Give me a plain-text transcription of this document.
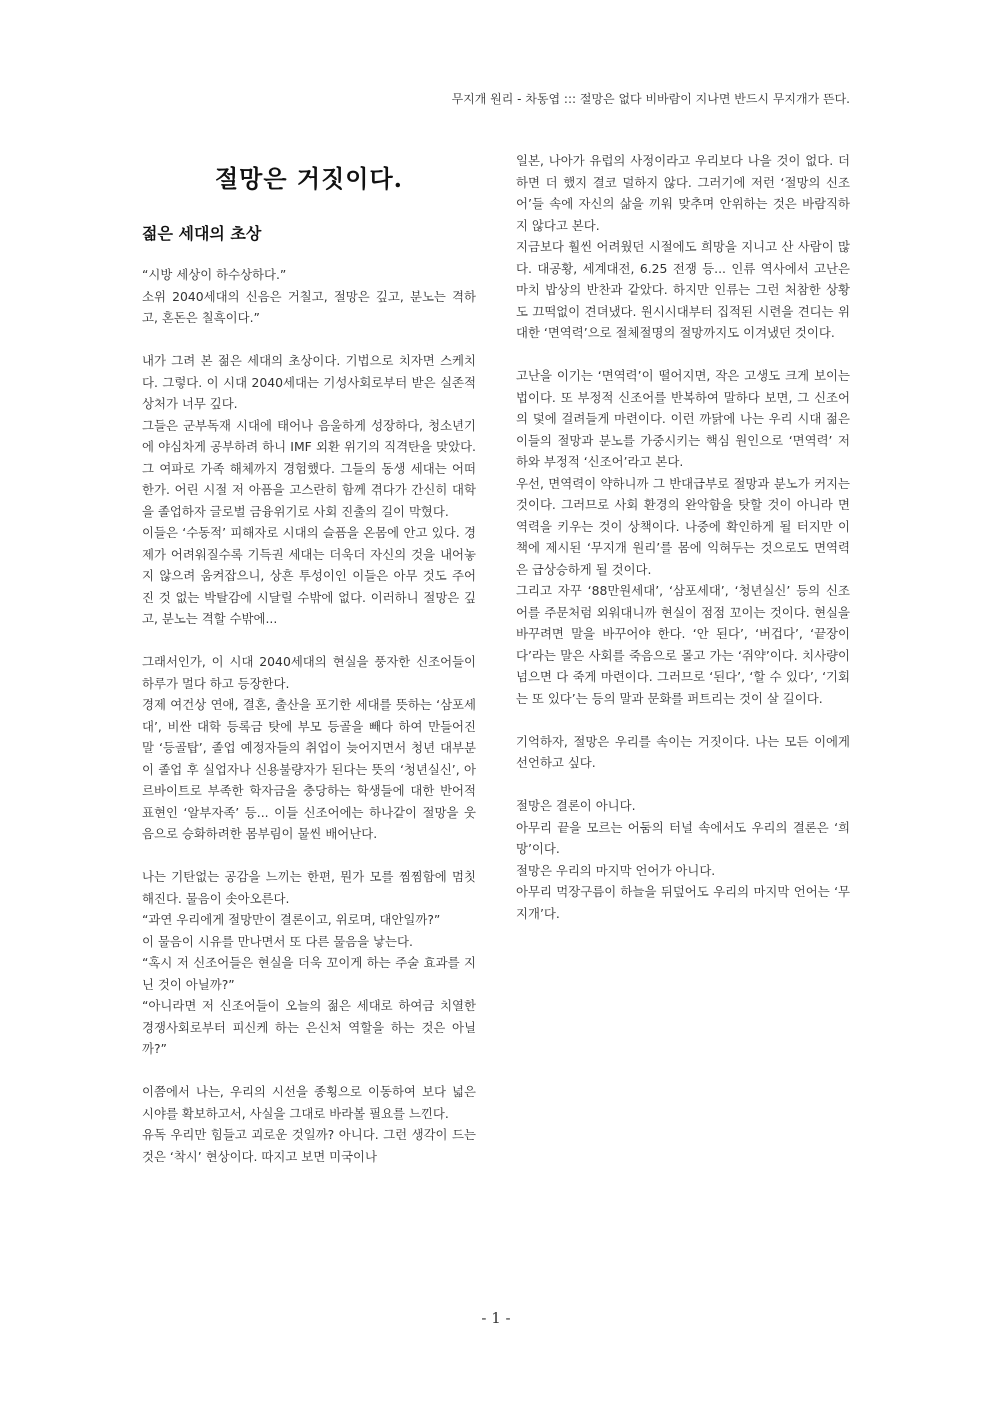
무지개 원리 - 차동엽 ::: 절망은 없다 비바람이 지나면 반드시 무지개가 뜬다.
절망은 거짓이다.
젊은 세대의 초상

“시방 세상이 하수상하다.”

소위 2040세대의 신음은 거칠고, 절망은 깊고, 분노는 격하고, 혼돈은 칠흑이다.”

내가 그려 본 젊은 세대의 초상이다. 기법으로 치자면 스케치다. 그렇다. 이 시대 2040세대는 기성사회로부터 받은 실존적 상처가 너무 깊다.

그들은 군부독재 시대에 태어나 음울하게 성장하다, 청소년기에 야심차게 공부하려 하니 IMF 외환 위기의 직격탄을 맞았다. 그 여파로 가족 해체까지 경험했다. 그들의 동생 세대는 어떠한가. 어린 시절 저 아픔을 고스란히 함께 겪다가 간신히 대학을 졸업하자 글로벌 금융위기로 사회 진출의 길이 막혔다.

이들은 ‘수동적’ 피해자로 시대의 슬픔을 온몸에 안고 있다. 경제가 어려워질수록 기득권 세대는 더욱더 자신의 것을 내어놓지 않으려 움켜잡으니, 상흔 투성이인 이들은 아무 것도 주어진 것 없는 박탈감에 시달릴 수밖에 없다. 이러하니 절망은 깊고, 분노는 격할 수밖에...

그래서인가, 이 시대 2040세대의 현실을 풍자한 신조어들이 하루가 멀다 하고 등장한다.

경제 여건상 연애, 결혼, 출산을 포기한 세대를 뜻하는 ‘삼포세대’, 비싼 대학 등록금 탓에 부모 등골을 빼다 하여 만들어진 말 ‘등골탑’, 졸업 예정자들의 취업이 늦어지면서 청년 대부분이 졸업 후 실업자나 신용불량자가 된다는 뜻의 ‘청년실신’, 아르바이트로 부족한 학자금을 충당하는 학생들에 대한 반어적 표현인 ‘알부자족’ 등... 이들 신조어에는 하나같이 절망을 웃음으로 승화하려한 몸부림이 물씬 배어난다.

나는 기탄없는 공감을 느끼는 한편, 뭔가 모를 찜찜함에 멈칫해진다. 물음이 솟아오른다.

“과연 우리에게 절망만이 결론이고, 위로며, 대안일까?”

이 물음이 시유를 만나면서 또 다른 물음을 낳는다.

“혹시 저 신조어들은 현실을 더욱 꼬이게 하는 주술 효과를 지닌 것이 아닐까?”

“아니라면 저 신조어들이 오늘의 젊은 세대로 하여금 치열한 경쟁사회로부터 피신케 하는 은신처 역할을 하는 것은 아닐까?”

이쯤에서 나는, 우리의 시선을 종횡으로 이동하여 보다 넓은 시야를 확보하고서, 사실을 그대로 바라볼 필요를 느낀다.

유독 우리만 힘들고 괴로운 것일까? 아니다. 그런 생각이 드는 것은 ‘착시’ 현상이다. 따지고 보면 미국이나

일본, 나아가 유럽의 사정이라고 우리보다 나을 것이 없다. 더 하면 더 했지 결코 덜하지 않다. 그러기에 저런 ‘절망의 신조어’들 속에 자신의 삶을 끼워 맞추며 안위하는 것은 바람직하지 않다고 본다.

지금보다 훨씬 어려웠던 시절에도 희망을 지니고 산 사람이 많다. 대공황, 세계대전, 6.25 전쟁 등... 인류 역사에서 고난은 마치 밥상의 반찬과 같았다. 하지만 인류는 그런 처참한 상황도 끄떡없이 견뎌냈다. 원시시대부터 집적된 시련을 견디는 위대한 ‘면역력’으로 절체절명의 절망까지도 이겨냈던 것이다.

고난을 이기는 ‘면역력’이 떨어지면, 작은 고생도 크게 보이는 법이다. 또 부정적 신조어를 반복하여 말하다 보면, 그 신조어의 덫에 걸려들게 마련이다. 이런 까닭에 나는 우리 시대 젊은이들의 절망과 분노를 가중시키는 핵심 원인으로 ‘면역력’ 저하와 부정적 ‘신조어’라고 본다.

우선, 면역력이 약하니까 그 반대급부로 절망과 분노가 커지는 것이다. 그러므로 사회 환경의 완악함을 탓할 것이 아니라 면역력을 키우는 것이 상책이다. 나중에 확인하게 될 터지만 이 책에 제시된 ‘무지개 원리’를 몸에 익혀두는 것으로도 면역력은 급상승하게 될 것이다.

그리고 자꾸 ‘88만원세대’, ‘삼포세대’, ‘청년실신’ 등의 신조어를 주문처럼 외워대니까 현실이 점점 꼬이는 것이다. 현실을 바꾸려면 말을 바꾸어야 한다. ‘안 된다’, ‘버겁다’, ‘끝장이다’라는 말은 사회를 죽음으로 몰고 가는 ‘쥐약’이다. 치사량이 넘으면 다 죽게 마련이다. 그러므로 ‘된다’, ‘할 수 있다’, ‘기회는 또 있다’는 등의 말과 문화를 퍼트리는 것이 살 길이다.

기억하자, 절망은 우리를 속이는 거짓이다. 나는 모든 이에게 선언하고 싶다.

절망은 결론이 아니다.

아무리 끝을 모르는 어둠의 터널 속에서도 우리의 결론은 ‘희망’이다.

절망은 우리의 마지막 언어가 아니다.

아무리 먹장구름이 하늘을 뒤덮어도 우리의 마지막 언어는 ‘무지개’다.

- 1 -
